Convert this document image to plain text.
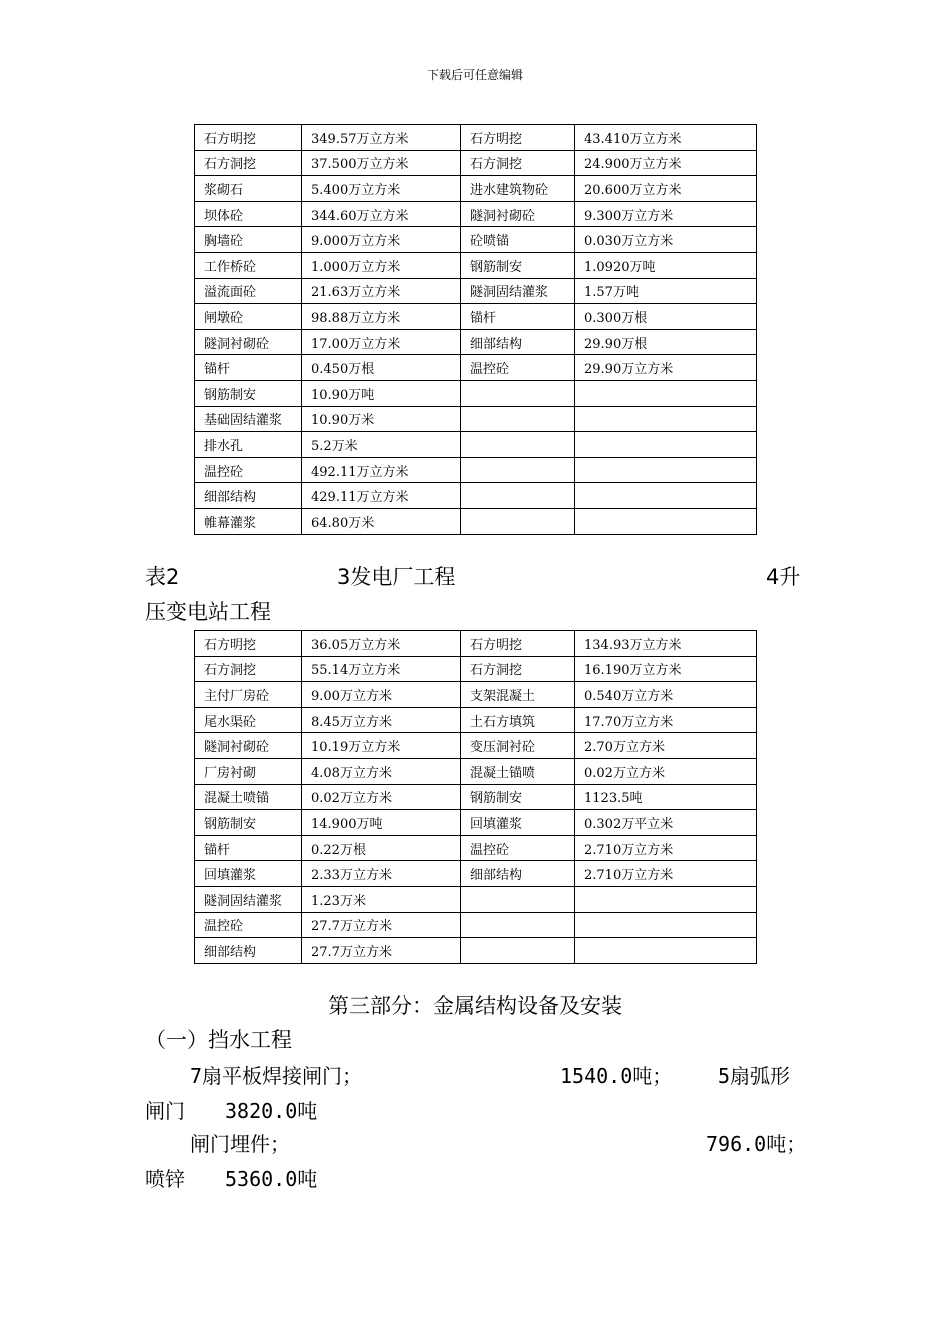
下载后可任意编辑
石方明挖	349.57万立方米	石方明挖	43.410万立方米
石方洞挖	37.500万立方米	石方洞挖	24.900万立方米
浆砌石	5.400万立方米	进水建筑物砼	20.600万立方米
坝体砼	344.60万立方米	隧洞衬砌砼	9.300万立方米
胸墙砼	9.000万立方米	砼喷锚	0.030万立方米
工作桥砼	1.000万立方米	钢筋制安	1.0920万吨
溢流面砼	21.63万立方米	隧洞固结灌浆	1.57万吨
闸墩砼	98.88万立方米	锚杆	0.300万根
隧洞衬砌砼	17.00万立方米	细部结构	29.90万根
锚杆	0.450万根	温控砼	29.90万立方米
钢筋制安	10.90万吨		
基础固结灌浆	10.90万米		
排水孔	5.2万米		
温控砼	492.11万立方米		
细部结构	429.11万立方米		
帷幕灌浆	64.80万米		
表2	3发电厂工程	4升
压变电站工程
石方明挖	36.05万立方米	石方明挖	134.93万立方米
石方洞挖	55.14万立方米	石方洞挖	16.190万立方米
主付厂房砼	9.00万立方米	支架混凝土	0.540万立方米
尾水渠砼	8.45万立方米	土石方填筑	17.70万立方米
隧洞衬砌砼	10.19万立方米	变压洞衬砼	2.70万立方米
厂房衬砌	4.08万立方米	混凝土锚喷	0.02万立方米
混凝土喷锚	0.02万立方米	钢筋制安	1123.5吨
钢筋制安	14.900万吨	回填灌浆	0.302万平立米
锚杆	0.22万根	温控砼	2.710万立方米
回填灌浆	2.33万立方米	细部结构	2.710万立方米
隧洞固结灌浆	1.23万米		
温控砼	27.7万立方米		
细部结构	27.7万立方米		
第三部分：金属结构设备及安装
（一）挡水工程
7扇平板焊接闸门；	1540.0吨； 5扇弧形
闸门　　3820.0吨
闸门埋件；	796.0吨；
喷锌　　5360.0吨
